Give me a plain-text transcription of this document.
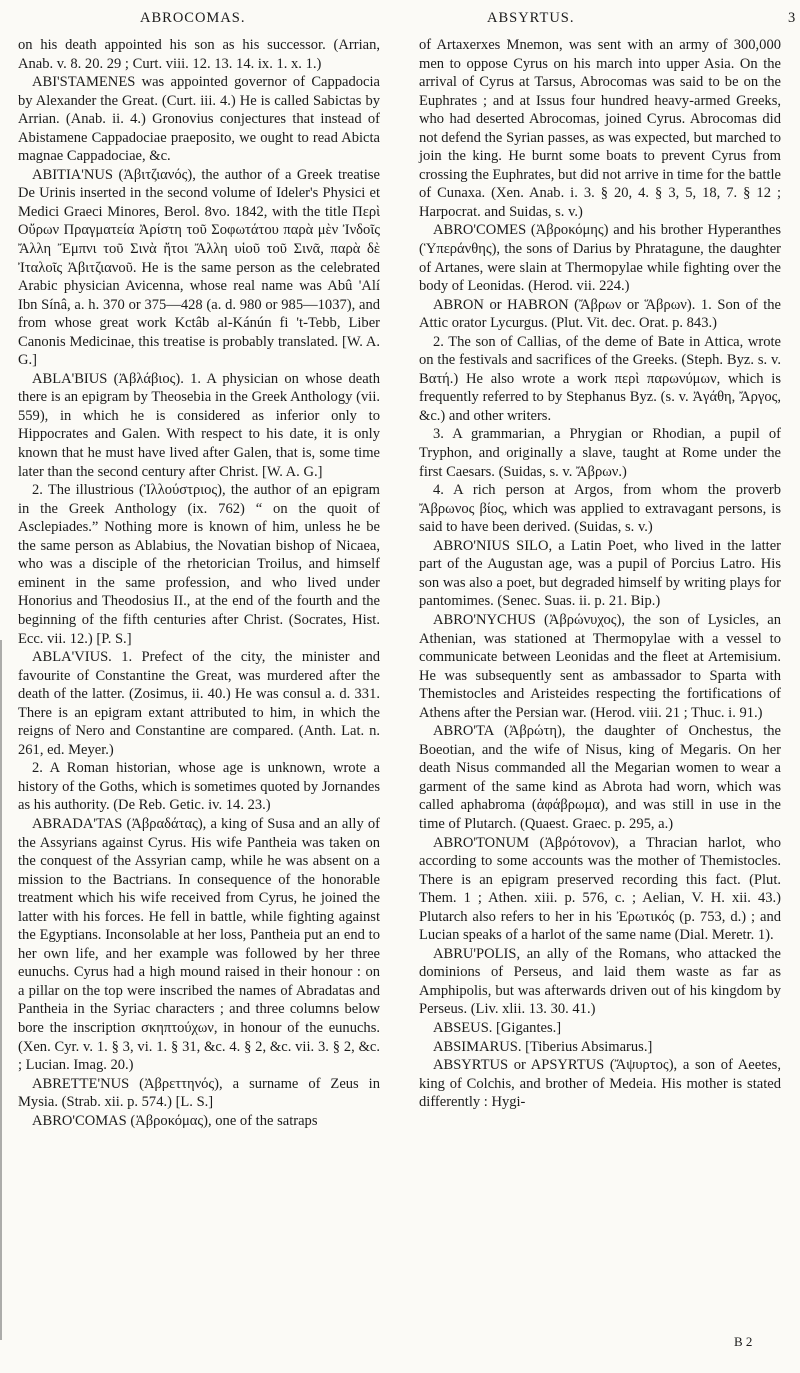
ABROCOMAS.	ABSYRTUS.	3

on his death appointed his son as his successor. (Arrian, Anab. v. 8. 20. 29 ; Curt. viii. 12. 13. 14. ix. 1. x. 1.)

ABI'STAMENES was appointed governor of Cappadocia by Alexander the Great. (Curt. iii. 4.) He is called Sabictas by Arrian. (Anab. ii. 4.) Gronovius conjectures that instead of Abistamene Cappadociae praeposito, we ought to read Abicta magnae Cappadociae, &c.

ABITIA'NUS (Ἀβιτζιανός), the author of a Greek treatise De Urinis inserted in the second volume of Ideler's Physici et Medici Graeci Minores, Berol. 8vo. 1842, with the title Περὶ Οὔρων Πραγματεία Ἀρίστη τοῦ Σοφωτάτου παρὰ μὲν Ἰνδοῖς Ἄλλη Ἔμπνι τοῦ Σινὰ ἤτοι Ἄλλη υἱοῦ τοῦ Σινᾶ, παρὰ δὲ Ἰταλοῖς Ἀβιτζιανοῦ. He is the same person as the celebrated Arabic physician Avicenna, whose real name was Abû 'Alí Ibn Sínâ, a. h. 370 or 375—428 (a. d. 980 or 985—1037), and from whose great work Kctâb al-Kánún fi 't-Tebb, Liber Canonis Medicinae, this treatise is probably translated. [W. A. G.]

ABLA'BIUS (Ἀβλάβιος). 1. A physician on whose death there is an epigram by Theosebia in the Greek Anthology (vii. 559), in which he is considered as inferior only to Hippocrates and Galen. With respect to his date, it is only known that he must have lived after Galen, that is, some time later than the second century after Christ. [W. A. G.]

2. The illustrious (Ἰλλούστριος), the author of an epigram in the Greek Anthology (ix. 762) “ on the quoit of Asclepiades.” Nothing more is known of him, unless he be the same person as Ablabius, the Novatian bishop of Nicaea, who was a disciple of the rhetorician Troilus, and himself eminent in the same profession, and who lived under Honorius and Theodosius II., at the end of the fourth and the beginning of the fifth centuries after Christ. (Socrates, Hist. Ecc. vii. 12.) [P. S.]

ABLA'VIUS. 1. Prefect of the city, the minister and favourite of Constantine the Great, was murdered after the death of the latter. (Zosimus, ii. 40.) He was consul a. d. 331. There is an epigram extant attributed to him, in which the reigns of Nero and Constantine are compared. (Anth. Lat. n. 261, ed. Meyer.)

2. A Roman historian, whose age is unknown, wrote a history of the Goths, which is sometimes quoted by Jornandes as his authority. (De Reb. Getic. iv. 14. 23.)

ABRADA'TAS (Ἀβραδάτας), a king of Susa and an ally of the Assyrians against Cyrus. His wife Pantheia was taken on the conquest of the Assyrian camp, while he was absent on a mission to the Bactrians. In consequence of the honorable treatment which his wife received from Cyrus, he joined the latter with his forces. He fell in battle, while fighting against the Egyptians. Inconsolable at her loss, Pantheia put an end to her own life, and her example was followed by her three eunuchs. Cyrus had a high mound raised in their honour : on a pillar on the top were inscribed the names of Abradatas and Pantheia in the Syriac characters ; and three columns below bore the inscription σκηπτούχων, in honour of the eunuchs. (Xen. Cyr. v. 1. § 3, vi. 1. § 31, &c. 4. § 2, &c. vii. 3. § 2, &c. ; Lucian. Imag. 20.)

ABRETTE'NUS (Ἀβρεττηνός), a surname of Zeus in Mysia. (Strab. xii. p. 574.) [L. S.]

ABRO'COMAS (Ἀβροκόμας), one of the satraps

of Artaxerxes Mnemon, was sent with an army of 300,000 men to oppose Cyrus on his march into upper Asia. On the arrival of Cyrus at Tarsus, Abrocomas was said to be on the Euphrates ; and at Issus four hundred heavy-armed Greeks, who had deserted Abrocomas, joined Cyrus. Abrocomas did not defend the Syrian passes, as was expected, but marched to join the king. He burnt some boats to prevent Cyrus from crossing the Euphrates, but did not arrive in time for the battle of Cunaxa. (Xen. Anab. i. 3. § 20, 4. § 3, 5, 18, 7. § 12 ; Harpocrat. and Suidas, s. v.)

ABRO'COMES (Ἀβροκόμης) and his brother Hyperanthes (Ὑπεράνθης), the sons of Darius by Phratagune, the daughter of Artanes, were slain at Thermopylae while fighting over the body of Leonidas. (Herod. vii. 224.)

ABRON or HABRON (Ἄβρων or Ἅβρων). 1. Son of the Attic orator Lycurgus. (Plut. Vit. dec. Orat. p. 843.)

2. The son of Callias, of the deme of Bate in Attica, wrote on the festivals and sacrifices of the Greeks. (Steph. Byz. s. v. Βατή.) He also wrote a work περὶ παρωνύμων, which is frequently referred to by Stephanus Byz. (s. v. Ἀγάθη, Ἄργος, &c.) and other writers.

3. A grammarian, a Phrygian or Rhodian, a pupil of Tryphon, and originally a slave, taught at Rome under the first Caesars. (Suidas, s. v. Ἄβρων.)

4. A rich person at Argos, from whom the proverb Ἄβρωνος βίος, which was applied to extravagant persons, is said to have been derived. (Suidas, s. v.)

ABRO'NIUS SILO, a Latin Poet, who lived in the latter part of the Augustan age, was a pupil of Porcius Latro. His son was also a poet, but degraded himself by writing plays for pantomimes. (Senec. Suas. ii. p. 21. Bip.)

ABRO'NYCHUS (Ἀβρώνυχος), the son of Lysicles, an Athenian, was stationed at Thermopylae with a vessel to communicate between Leonidas and the fleet at Artemisium. He was subsequently sent as ambassador to Sparta with Themistocles and Aristeides respecting the fortifications of Athens after the Persian war. (Herod. viii. 21 ; Thuc. i. 91.)

ABRO'TA (Ἀβρώτη), the daughter of Onchestus, the Boeotian, and the wife of Nisus, king of Megaris. On her death Nisus commanded all the Megarian women to wear a garment of the same kind as Abrota had worn, which was called aphabroma (ἀφάβρωμα), and was still in use in the time of Plutarch. (Quaest. Graec. p. 295, a.)

ABRO'TONUM (Ἀβρότονον), a Thracian harlot, who according to some accounts was the mother of Themistocles. There is an epigram preserved recording this fact. (Plut. Them. 1 ; Athen. xiii. p. 576, c. ; Aelian, V. H. xii. 43.) Plutarch also refers to her in his Ἐρωτικός (p. 753, d.) ; and Lucian speaks of a harlot of the same name (Dial. Meretr. 1).

ABRU'POLIS, an ally of the Romans, who attacked the dominions of Perseus, and laid them waste as far as Amphipolis, but was afterwards driven out of his kingdom by Perseus. (Liv. xlii. 13. 30. 41.)

ABSEUS. [Gigantes.]

ABSIMARUS. [Tiberius Absimarus.]

ABSYRTUS or APSYRTUS (Ἄψυρτος), a son of Aeetes, king of Colchis, and brother of Medeia. His mother is stated differently : Hygi-

B 2
